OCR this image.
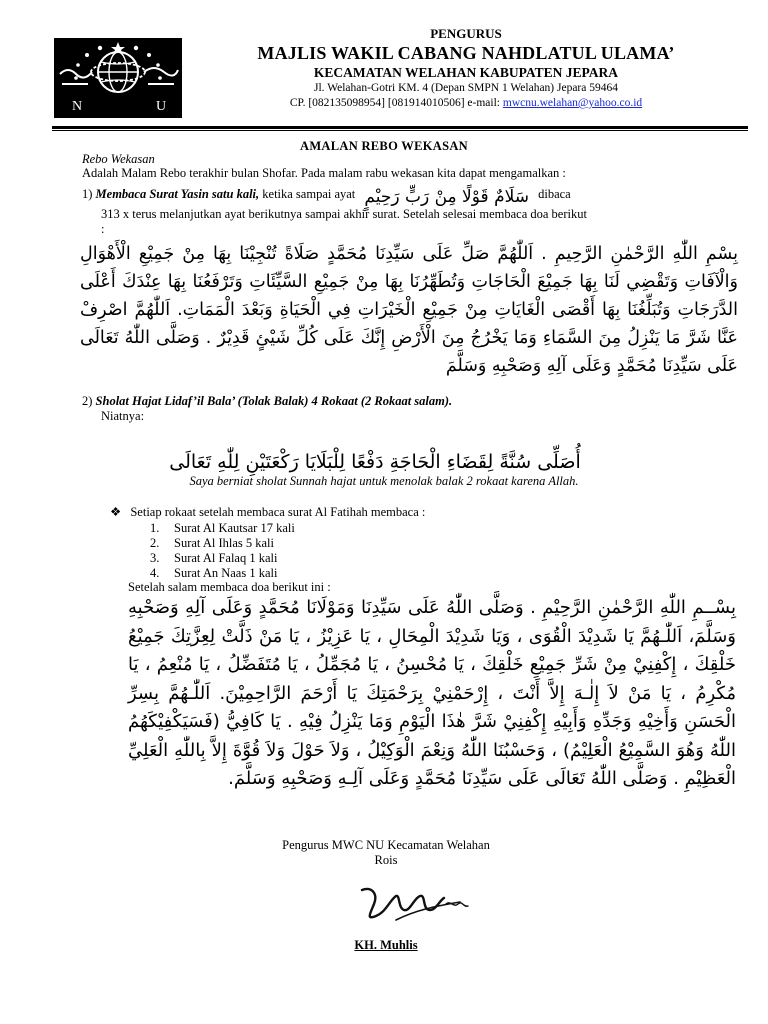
N	U
PENGURUS
MAJLIS WAKIL CABANG NAHDLATUL ULAMA’
KECAMATAN WELAHAN KABUPATEN JEPARA
Jl. Welahan-Gotri KM. 4 (Depan SMPN 1 Welahan) Jepara 59464
CP. [082135098954] [081914010506] e-mail: mwcnu.welahan@yahoo.co.id
AMALAN REBO WEKASAN
Rebo Wekasan
Adalah Malam Rebo terakhir bulan Shofar. Pada malam rabu wekasan kita dapat mengamalkan :
1) Membaca Surat Yasin satu kali, ketika sampai ayat سَلَامٌ قَوْلًا مِنْ رَبٍّ رَحِيْمٍ dibaca
313 x terus melanjutkan ayat berikutnya sampai akhir surat. Setelah selesai membaca doa berikut
:
بِسْمِ اللّٰهِ الرَّحْمٰنِ الرَّحِيمِ . اَللّٰهُمَّ صَلِّ عَلَى سَيِّدِنَا مُحَمَّدٍ صَلَاةً تُنْجِيْنَا بِهَا مِنْ جَمِيْعِ الْأَهْوَالِ وَالْآفَاتِ وَتَقْضِي لَنَا بِهَا جَمِيْعَ الْحَاجَاتِ وَتُطَهِّرُنَا بِهَا مِنْ جَمِيْعِ السَّيِّئَاتِ وَتَرْفَعُنَا بِهَا عِنْدَكَ أَعْلَى الدَّرَجَاتِ وَتُبَلِّغُنَا بِهَا أَقْصَى الْغَايَاتِ مِنْ جَمِيْعِ الْخَيْرَاتِ فِي الْحَيَاةِ وَبَعْدَ الْمَمَاتِ. اَللّٰهُمَّ اصْرِفْ عَنَّا شَرَّ مَا يَنْزِلُ مِنَ السَّمَاءِ وَمَا يَخْرُجُ مِنَ الْأَرْضِ إِنَّكَ عَلَى كُلِّ شَيْئٍ قَدِيْرٌ . وَصَلَّى اللّٰهُ تَعَالَى عَلَى سَيِّدِنَا مُحَمَّدٍ وَعَلَى آلِهِ وَصَحْبِهِ وَسَلَّمَ
2) Sholat Hajat Lidaf’il Bala’ (Tolak Balak) 4 Rokaat (2 Rokaat salam).
Niatnya:
أُصَلِّى سُنَّةً لِقَضَاءِ الْحَاجَةِ دَفْعًا لِلْبَلَايَا رَكْعَتَيْنِ لِلّٰهِ تَعَالَى
Saya berniat sholat Sunnah hajat untuk menolak balak 2 rokaat karena Allah.
❖ Setiap rokaat setelah membaca surat Al Fatihah membaca :
1. Surat Al Kautsar 17 kali
2. Surat Al Ihlas 5 kali
3. Surat Al Falaq 1 kali
4. Surat An Naas 1 kali
Setelah salam membaca doa berikut ini :
بِسْــمِ اللّٰهِ الرَّحْمٰنِ الرَّحِيْمِ . وَصَلَّى اللّٰهُ عَلَى سَيِّدِنَا وَمَوْلَانَا مُحَمَّدٍ وَعَلَى آلِهِ وَصَحْبِهِ وَسَلَّمَ، اَللّٰـهُمَّ يَا شَدِيْدَ الْقُوَى ، وَيَا شَدِيْدَ الْمِحَالِ ، يَا عَزِيْزُ ، يَا مَنْ ذَلَّتْ لِعِزَّتِكَ جَمِيْعُ خَلْقِكَ ، إِكْفِنِيْ مِنْ شَرِّ جَمِيْعِ خَلْقِكَ ، يَا مُحْسِنُ ، يَا مُجَمِّلُ ، يَا مُتَفَضِّلُ ، يَا مُنْعِمُ ، يَا مُكْرِمُ ، يَا مَنْ لاَ إِلٰـهَ إِلاَّ أَنْتَ ، إِرْحَمْنِيْ بِرَحْمَتِكَ يَا أَرْحَمَ الرَّاحِمِيْنَ. اَللّٰـهُمَّ بِسِرِّ الْحَسَنِ وَأَخِيْهِ وَجَدِّهِ وَأَبِيْهِ إِكْفِنِيْ شَرَّ هٰذَا الْيَوْمِ وَمَا يَنْزِلُ فِيْهِ . يَا كَافِيُّ (فَسَيَكْفِيْكَهُمُ اللّٰهُ وَهُوَ السَّمِيْعُ الْعَلِيْمُ) ، وَحَسْبُنَا اللّٰهُ وَنِعْمَ الْوَكِيْلُ ، وَلاَ حَوْلَ وَلاَ قُوَّةَ إِلاَّ بِاللّٰهِ الْعَلِيِّ الْعَظِيْمِ . وَصَلَّى اللّٰهُ تَعَالَى عَلَى سَيِّدِنَا مُحَمَّدٍ وَعَلَى آلِـهِ وَصَحْبِهِ وَسَلَّمَ.
Pengurus MWC NU Kecamatan Welahan
Rois
KH. Muhlis
